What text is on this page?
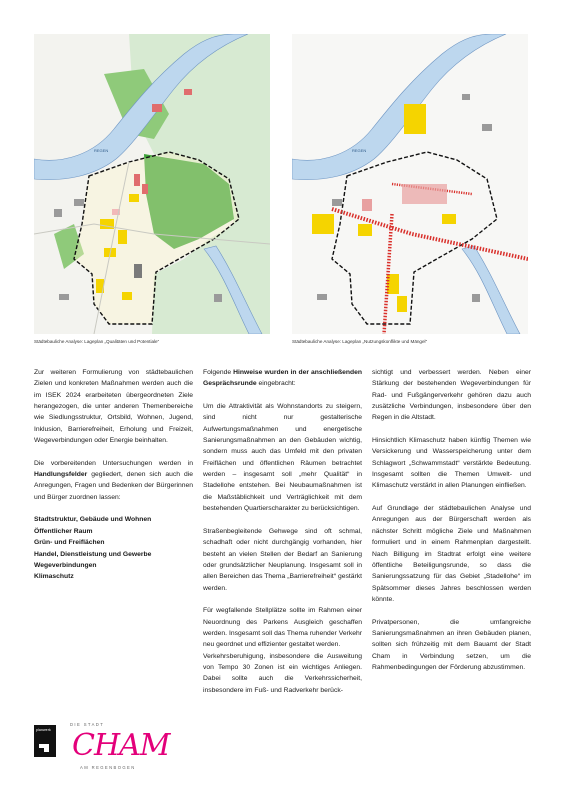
REGEN	REGEN
Städtebauliche Analyse: Lageplan „Qualitäten und Potentiale“	Städtebauliche Analyse: Lageplan „Nutzungskonflikte und Mängel“

Zur weiteren Formulierung von städtebaulichen Zielen und konkreten Maßnahmen werden auch die im ISEK 2024 erarbeiteten übergeordneten Ziele herangezogen, die unter anderen Themenbereiche wie Siedlungsstruktur, Ortsbild, Wohnen, Jugend, Inklusion, Barrierefreiheit, Erholung und Freizeit, Wegeverbindungen oder Energie beinhalten.

Die vorbereitenden Untersuchungen werden in Handlungsfelder gegliedert, denen sich auch die Anregungen, Fragen und Bedenken der Bürgerinnen und Bürger zuordnen lassen:

Stadtstruktur, Gebäude und Wohnen
Öffentlicher Raum
Grün- und Freiflächen
Handel, Dienstleistung und Gewerbe
Wegeverbindungen
Klimaschutz

Folgende Hinweise wurden in der anschließenden Gesprächsrunde eingebracht:

Um die Attraktivität als Wohnstandorts zu steigern, sind nicht nur gestalterische Aufwertungsmaßnahmen und energetische Sanierungsmaßnahmen an den Gebäuden wichtig, sondern muss auch das Umfeld mit den privaten Freiflächen und öffentlichen Räumen betrachtet werden – insgesamt soll „mehr Qualität“ in Stadellohe entstehen. Bei Neubaumaßnahmen ist die Maßstäblichkeit und Verträglichkeit mit dem bestehenden Quartierscharakter zu berücksichtigen.

Straßenbegleitende Gehwege sind oft schmal, schadhaft oder nicht durchgängig vorhanden, hier besteht an vielen Stellen der Bedarf an Sanierung oder grundsätzlicher Neuplanung. Insgesamt soll in allen Bereichen das Thema „Barrierefreiheit“ gestärkt werden.

Für wegfallende Stellplätze sollte im Rahmen einer Neuordnung des Parkens Ausgleich geschaffen werden. Insgesamt soll das Thema ruhender Verkehr neu geordnet und effizienter gestaltet werden.

Verkehrsberuhigung, insbesondere die Ausweitung von Tempo 30 Zonen ist ein wichtiges Anliegen. Dabei sollte auch die Verkehrssicherheit, insbesondere im Fuß- und Radverkehr berück-

sichtigt und verbessert werden. Neben einer Stärkung der bestehenden Wegeverbindungen für Rad- und Fußgängerverkehr gehören dazu auch zusätzliche Verbindungen, insbesondere über den Regen in die Altstadt.

Hinsichtlich Klimaschutz haben künftig Themen wie Versickerung und Wasserspeicherung unter dem Schlagwort „Schwammstadt“ verstärkte Bedeutung. Insgesamt sollten die Themen Umwelt- und Klimaschutz verstärkt in allen Planungen einfließen.

Auf Grundlage der städtebaulichen Analyse und Anregungen aus der Bürgerschaft werden als nächster Schritt mögliche Ziele und Maßnahmen formuliert und in einem Rahmenplan dargestellt. Nach Billigung im Stadtrat erfolgt eine weitere öffentliche Beteiligungsrunde, so dass die Sanierungssatzung für das Gebiet „Stadellohe“ im Spätsommer dieses Jahres beschlossen werden könnte.

Privatpersonen, die umfangreiche Sanierungsmaßnahmen an ihren Gebäuden planen, sollten sich frühzeitig mit dem Bauamt der Stadt Cham in Verbindung setzen, um die Rahmenbedingungen der Förderung abzustimmen.

planwerk
DIE STADT
CHAM
AM REGENBOGEN
